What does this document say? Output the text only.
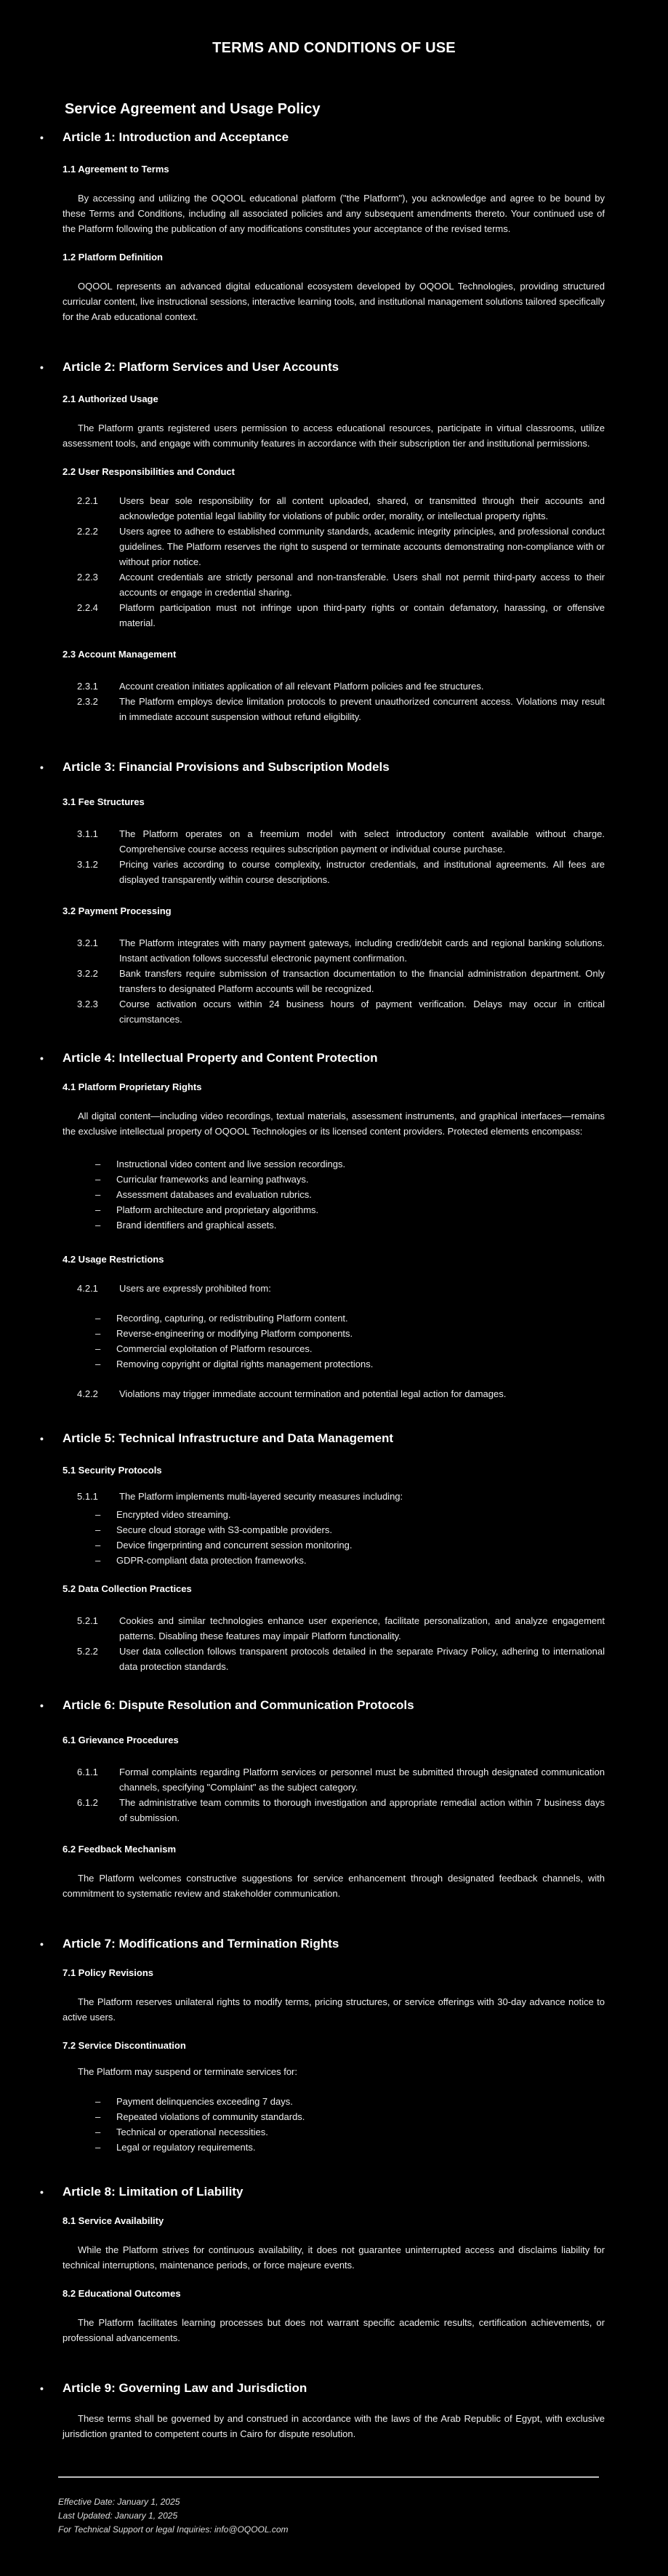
TERMS AND CONDITIONS OF USE
Service Agreement and Usage Policy
• Article 1: Introduction and Acceptance
1.1 Agreement to Terms

By accessing and utilizing the OQOOL educational platform ("the Platform"), you acknowledge and agree to be bound by these Terms and Conditions, including all associated policies and any subsequent amendments thereto. Your continued use of the Platform following the publication of any modifications constitutes your acceptance of the revised terms.

1.2 Platform Definition

OQOOL represents an advanced digital educational ecosystem developed by OQOOL Technologies, providing structured curricular content, live instructional sessions, interactive learning tools, and institutional management solutions tailored specifically for the Arab educational context.

• Article 2: Platform Services and User Accounts
2.1 Authorized Usage

The Platform grants registered users permission to access educational resources, participate in virtual classrooms, utilize assessment tools, and engage with community features in accordance with their subscription tier and institutional permissions.

2.2 User Responsibilities and Conduct
2.2.1 Users bear sole responsibility for all content uploaded, shared, or transmitted through their accounts and acknowledge potential legal liability for violations of public order, morality, or intellectual property rights.
2.2.2 Users agree to adhere to established community standards, academic integrity principles, and professional conduct guidelines. The Platform reserves the right to suspend or terminate accounts demonstrating non-compliance with or without prior notice.
2.2.3 Account credentials are strictly personal and non-transferable. Users shall not permit third-party access to their accounts or engage in credential sharing.
2.2.4 Platform participation must not infringe upon third-party rights or contain defamatory, harassing, or offensive material.
2.3 Account Management
2.3.1 Account creation initiates application of all relevant Platform policies and fee structures.
2.3.2 The Platform employs device limitation protocols to prevent unauthorized concurrent access. Violations may result in immediate account suspension without refund eligibility.
• Article 3: Financial Provisions and Subscription Models
3.1 Fee Structures
3.1.1 The Platform operates on a freemium model with select introductory content available without charge. Comprehensive course access requires subscription payment or individual course purchase.
3.1.2 Pricing varies according to course complexity, instructor credentials, and institutional agreements. All fees are displayed transparently within course descriptions.
3.2 Payment Processing
3.2.1 The Platform integrates with many payment gateways, including credit/debit cards and regional banking solutions. Instant activation follows successful electronic payment confirmation.
3.2.2 Bank transfers require submission of transaction documentation to the financial administration department. Only transfers to designated Platform accounts will be recognized.
3.2.3 Course activation occurs within 24 business hours of payment verification. Delays may occur in critical circumstances.
• Article 4: Intellectual Property and Content Protection
4.1 Platform Proprietary Rights

All digital content—including video recordings, textual materials, assessment instruments, and graphical interfaces—remains the exclusive intellectual property of OQOOL Technologies or its licensed content providers. Protected elements encompass:

– Instructional video content and live session recordings.
– Curricular frameworks and learning pathways.
– Assessment databases and evaluation rubrics.
– Platform architecture and proprietary algorithms.
– Brand identifiers and graphical assets.
4.2 Usage Restrictions
4.2.1 Users are expressly prohibited from:
– Recording, capturing, or redistributing Platform content.
– Reverse-engineering or modifying Platform components.
– Commercial exploitation of Platform resources.
– Removing copyright or digital rights management protections.
4.2.2 Violations may trigger immediate account termination and potential legal action for damages.
• Article 5: Technical Infrastructure and Data Management
5.1 Security Protocols
5.1.1 The Platform implements multi-layered security measures including:
– Encrypted video streaming.
– Secure cloud storage with S3-compatible providers.
– Device fingerprinting and concurrent session monitoring.
– GDPR-compliant data protection frameworks.
5.2 Data Collection Practices
5.2.1 Cookies and similar technologies enhance user experience, facilitate personalization, and analyze engagement patterns. Disabling these features may impair Platform functionality.
5.2.2 User data collection follows transparent protocols detailed in the separate Privacy Policy, adhering to international data protection standards.
• Article 6: Dispute Resolution and Communication Protocols
6.1 Grievance Procedures
6.1.1 Formal complaints regarding Platform services or personnel must be submitted through designated communication channels, specifying "Complaint" as the subject category.
6.1.2 The administrative team commits to thorough investigation and appropriate remedial action within 7 business days of submission.
6.2 Feedback Mechanism

The Platform welcomes constructive suggestions for service enhancement through designated feedback channels, with commitment to systematic review and stakeholder communication.

• Article 7: Modifications and Termination Rights
7.1 Policy Revisions

The Platform reserves unilateral rights to modify terms, pricing structures, or service offerings with 30-day advance notice to active users.

7.2 Service Discontinuation

The Platform may suspend or terminate services for:

– Payment delinquencies exceeding 7 days.
– Repeated violations of community standards.
– Technical or operational necessities.
– Legal or regulatory requirements.
• Article 8: Limitation of Liability
8.1 Service Availability

While the Platform strives for continuous availability, it does not guarantee uninterrupted access and disclaims liability for technical interruptions, maintenance periods, or force majeure events.

8.2 Educational Outcomes

The Platform facilitates learning processes but does not warrant specific academic results, certification achievements, or professional advancements.

• Article 9: Governing Law and Jurisdiction

These terms shall be governed by and construed in accordance with the laws of the Arab Republic of Egypt, with exclusive jurisdiction granted to competent courts in Cairo for dispute resolution.

Effective Date: January 1, 2025

Last Updated: January 1, 2025

For Technical Support or legal Inquiries: info@OQOOL.com
